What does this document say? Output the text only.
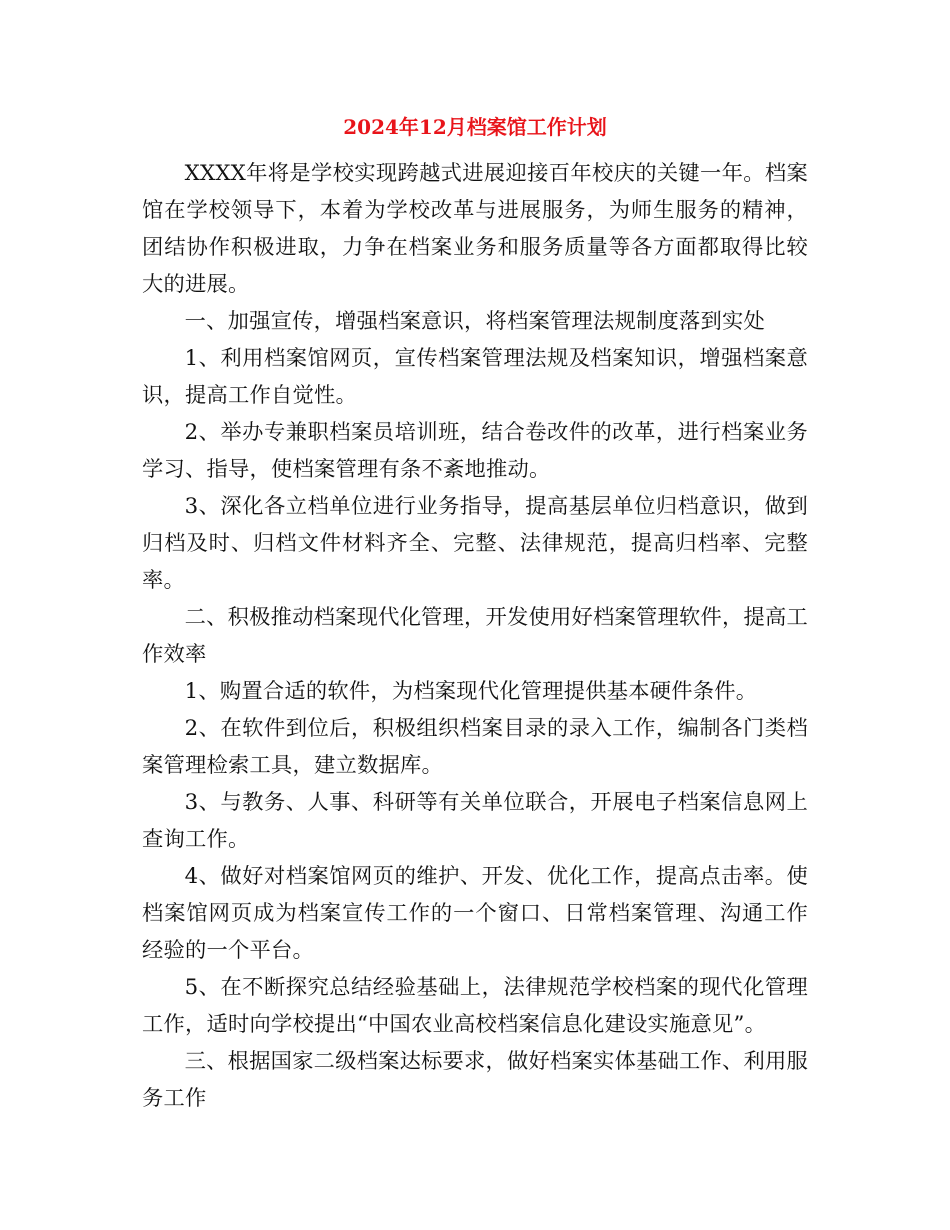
2024年12月档案馆工作计划

XXXX年将是学校实现跨越式进展迎接百年校庆的关键一年。档案馆在学校领导下，本着为学校改革与进展服务，为师生服务的精神，团结协作积极进取，力争在档案业务和服务质量等各方面都取得比较大的进展。

一、加强宣传，增强档案意识，将档案管理法规制度落到实处

1、利用档案馆网页，宣传档案管理法规及档案知识，增强档案意识，提高工作自觉性。

2、举办专兼职档案员培训班，结合卷改件的改革，进行档案业务学习、指导，使档案管理有条不紊地推动。

3、深化各立档单位进行业务指导，提高基层单位归档意识，做到归档及时、归档文件材料齐全、完整、法律规范，提高归档率、完整率。

二、积极推动档案现代化管理，开发使用好档案管理软件，提高工作效率

1、购置合适的软件，为档案现代化管理提供基本硬件条件。

2、在软件到位后，积极组织档案目录的录入工作，编制各门类档案管理检索工具，建立数据库。

3、与教务、人事、科研等有关单位联合，开展电子档案信息网上查询工作。

4、做好对档案馆网页的维护、开发、优化工作，提高点击率。使档案馆网页成为档案宣传工作的一个窗口、日常档案管理、沟通工作经验的一个平台。

5、在不断探究总结经验基础上，法律规范学校档案的现代化管理工作，适时向学校提出“中国农业高校档案信息化建设实施意见”。

三、根据国家二级档案达标要求，做好档案实体基础工作、利用服务工作
